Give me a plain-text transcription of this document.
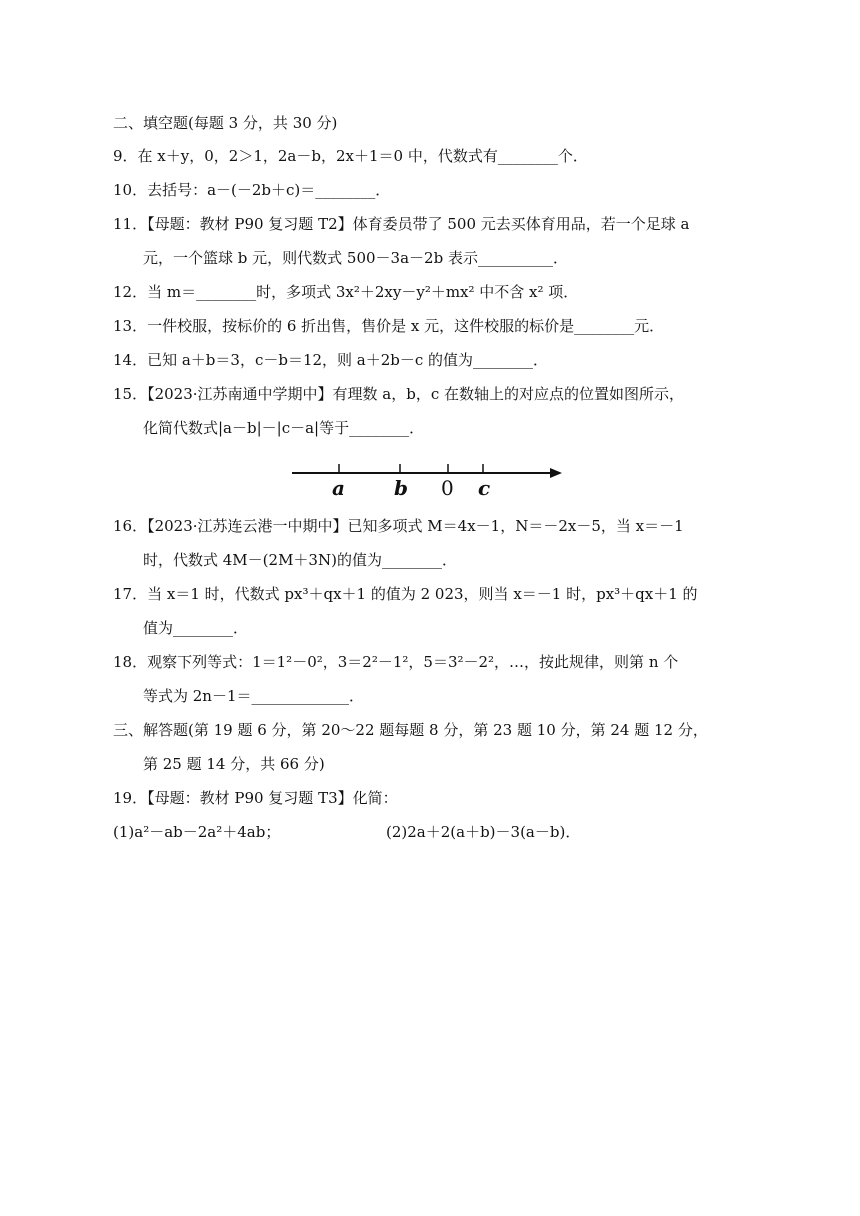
二、填空题(每题 3 分，共 30 分)
9．在 x＋y，0，2＞1，2a－b，2x＋1＝0 中，代数式有________个．
10．去括号：a－(－2b＋c)＝________．
11．【母题：教材 P90 复习题 T2】体育委员带了 500 元去买体育用品，若一个足球 a
元，一个篮球 b 元，则代数式 500－3a－2b 表示__________．
12．当 m＝________时，多项式 3x²＋2xy－y²＋mx² 中不含 x² 项．
13．一件校服，按标价的 6 折出售，售价是 x 元，这件校服的标价是________元．
14．已知 a＋b＝3，c－b＝12，则 a＋2b－c 的值为________．
15．【2023·江苏南通中学期中】有理数 a，b，c 在数轴上的对应点的位置如图所示，
化简代数式|a－b|－|c－a|等于________．
a b 0 c
16．【2023·江苏连云港一中期中】已知多项式 M＝4x－1，N＝－2x－5，当 x＝－1
时，代数式 4M－(2M＋3N)的值为________．
17．当 x＝1 时，代数式 px³＋qx＋1 的值为 2 023，则当 x＝－1 时，px³＋qx＋1 的
值为________．
18．观察下列等式：1＝1²－0²，3＝2²－1²，5＝3²－2²，…，按此规律，则第 n 个
等式为 2n－1＝_____________．
三、解答题(第 19 题 6 分，第 20～22 题每题 8 分，第 23 题 10 分，第 24 题 12 分，
第 25 题 14 分，共 66 分)
19．【母题：教材 P90 复习题 T3】化简：
(1)a²－ab－2a²＋4ab；	(2)2a＋2(a＋b)－3(a－b)．
